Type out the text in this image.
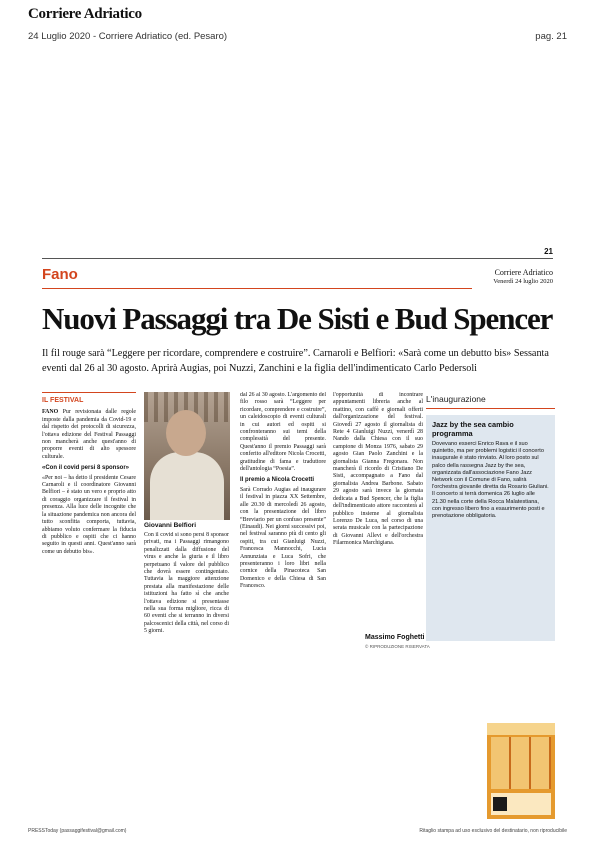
Corriere Adriatico
24 Luglio 2020 - Corriere Adriatico (ed. Pesaro)	pag. 21
21
Fano	Corriere Adriatico
Venerdì 24 luglio 2020
Nuovi Passaggi tra De Sisti e Bud Spencer

Il fil rouge sarà “Leggere per ricordare, comprendere e costruire”. Carnaroli e Belfiori: «Sarà come un debutto bis» Sessanta eventi dal 26 al 30 agosto. Aprirà Augias, poi Nuzzi, Zanchini e la figlia dell'indimenticato Carlo Pedersoli

IL FESTIVAL

FANO Pur revisionata dalle regole imposte dalla pandemia da Covid-19 e dal rispetto dei protocolli di sicurezza, l'ottava edizione del Festival Passaggi non mancherà anche quest'anno di proporre eventi di alto spessore culturale.

«Con il covid persi 8 sponsor»

«Per noi – ha detto il presidente Cesare Carnaroli e il coordinatore Giovanni Belfiori – è stato un vero e proprio atto di coraggio organizzare il festival in presenza. Alla luce delle incognite che la situazione pandemica non ancora del tutto sconfitta comporta, tuttavia, abbiamo voluto confermare la fiducia di pubblico e ospiti che ci hanno seguito in questi anni. Quest'anno sarà come un debutto bis».

Giovanni Belfiori

Con il covid si sono persi 8 sponsor privati, ma i Passaggi rimangono penalizzati dalla diffusione del virus e anche la giuria e il libro perpetuano il valore del pubblico che dovrà essere contingentato. Tuttavia la maggiore attenzione prestata alla manifestazione delle istituzioni ha fatto sì che anche l'ottava edizione si presentasse nella sua forma migliore, ricca di 60 eventi che si terranno in diversi palcoscenici della città, nel corso di 5 giorni.

dal 26 al 30 agosto. L'argomento del filo rosso sarà “Leggere per ricordare, comprendere e costruire”, un caleidoscopio di eventi culturali in cui autori ed ospiti si confronteranno sui temi della complessità del presente. Quest'anno il premio Passaggi sarà conferito all'editore Nicola Crocetti, gratitudine di fama e traduttore dell'antologia “Poesia”.

Il premio a Nicola Crocetti

Sarà Corrado Augias ad inaugurare il festival in piazza XX Settembre, alle 20.30 di mercoledì 26 agosto, con la presentazione del libro “Breviario per un confuso presente” (Einaudi). Nei giorni successivi poi, nel festival saranno più di cento gli ospiti, tra cui Gianluigi Nuzzi, Francesca Mannocchi, Lucia Annunziata e Luca Sofri, che presenteranno i loro libri nella cornice della Pinacoteca San Domenico e della Chiesa di San Francesco.

l'opportunità di incontrare appuntamenti libreria anche al mattino, con caffè e giornali offerti dall'organizzazione del festival. Giovedì 27 agosto il giornalista di Rete 4 Gianluigi Nuzzi, venerdì 28 Nando dalla Chiesa con il suo campione di Monza 1976, sabato 29 agosto Gian Paolo Zanchini e la giornalista Gianna Fregonara. Non mancherà il ricordo di Cristiano De Sisti, accompagnato a Fano dal giornalista Andrea Barbone. Sabato 29 agosto sarà invece la giornata dedicata a Bud Spencer, che la figlia dell'indimenticato attore racconterà al pubblico insieme al giornalista Lorenzo De Luca, nel corso di una serata musicale con la partecipazione di Giovanni Allevi e dell'orchestra Filarmonica Marchigiana.

Massimo Foghetti
© RIPRODUZIONE RISERVATA
L'inaugurazione
Jazz by the sea cambio programma

Dovevano esserci Enrico Rava e il suo quintetto, ma per problemi logistici il concerto inaugurale è stato rinviato. Al loro posto sul palco della rassegna Jazz by the sea, organizzata dall'associazione Fano Jazz Network con il Comune di Fano, salirà l'orchestra giovanile diretta da Rosario Giuliani. Il concerto si terrà domenica 26 luglio alle 21.30 nella corte della Rocca Malatestiana, con ingresso libero fino a esaurimento posti e prenotazione obbligatoria.

PRESSToday (passaggifestival@gmail.com)	Ritaglio stampa ad uso esclusivo del destinatario, non riproducibile
